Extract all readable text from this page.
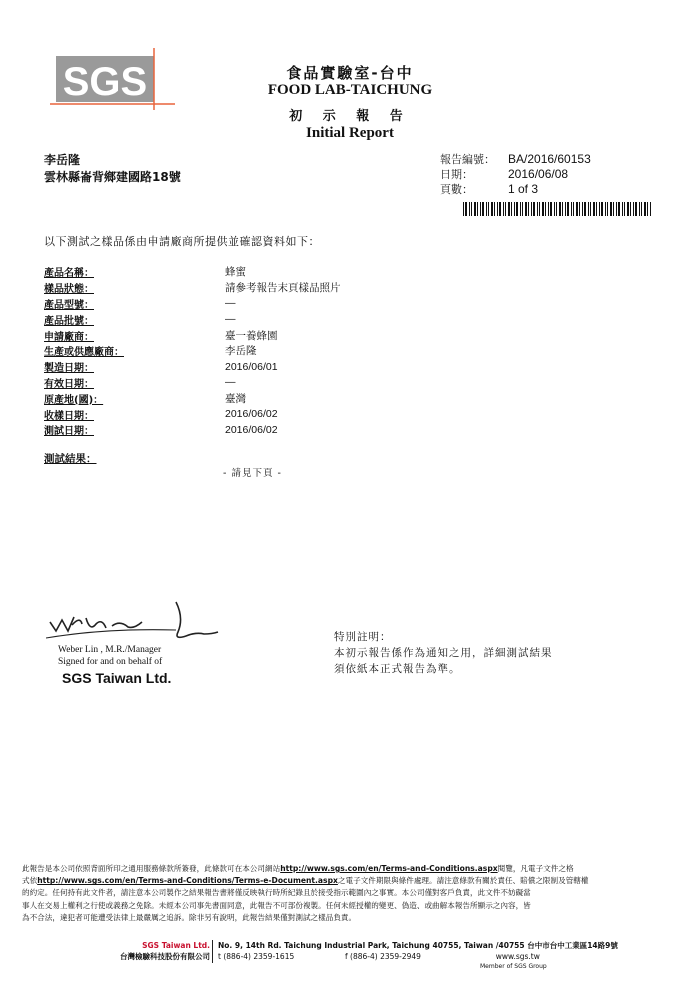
SGS	食品實驗室-台中
FOOD LAB-TAICHUNG
初 示 報 告
Initial Report
李岳隆
雲林縣崙背鄉建國路18號
報告編號：	BA/2016/60153
日期：	2016/06/08
頁數：	1 of 3
以下測試之樣品係由申請廠商所提供並確認資料如下：
產品名稱：	蜂蜜
樣品狀態：	請參考報告末頁樣品照片
產品型號：	—
產品批號：	—
申請廠商：	臺一養蜂園
生產或供應廠商：	李岳隆
製造日期：	2016/06/01
有效日期：	—
原產地(國)：	臺灣
收樣日期：	2016/06/02
測試日期：	2016/06/02
測試結果：
- 請見下頁 -
Weber Lin , M.R./Manager
Signed for and on behalf of
SGS Taiwan Ltd.
特別註明：
本初示報告係作為通知之用，詳細測試結果
須依紙本正式報告為準。
此報告是本公司依照背面所印之通用服務條款所簽發，此條款可在本公司網站http://www.sgs.com/en/Terms-and-Conditions.aspx閱覽，凡電子文件之格
式依http://www.sgs.com/en/Terms-and-Conditions/Terms-e-Document.aspx之電子文件期限與條件處理。請注意條款有關於責任、賠償之限制及管轄權
的約定。任何持有此文件者，請注意本公司製作之結果報告書將僅反映執行時所紀錄且於接受指示範圍內之事實。本公司僅對客戶負責，此文件不妨礙當
事人在交易上權利之行使或義務之免除。未經本公司事先書面同意，此報告不可部份複製。任何未經授權的變更、偽造、或曲解本報告所顯示之內容，皆
為不合法，違犯者可能遭受法律上最嚴厲之追訴。除非另有說明，此報告結果僅對測試之樣品負責。
SGS Taiwan Ltd.
台灣檢驗科技股份有限公司
No. 9, 14th Rd. Taichung Industrial Park, Taichung 40755, Taiwan /40755 台中市台中工業區14路9號
t (886-4) 2359-1615	f (886-4) 2359-2949	www.sgs.tw
Member of SGS Group
